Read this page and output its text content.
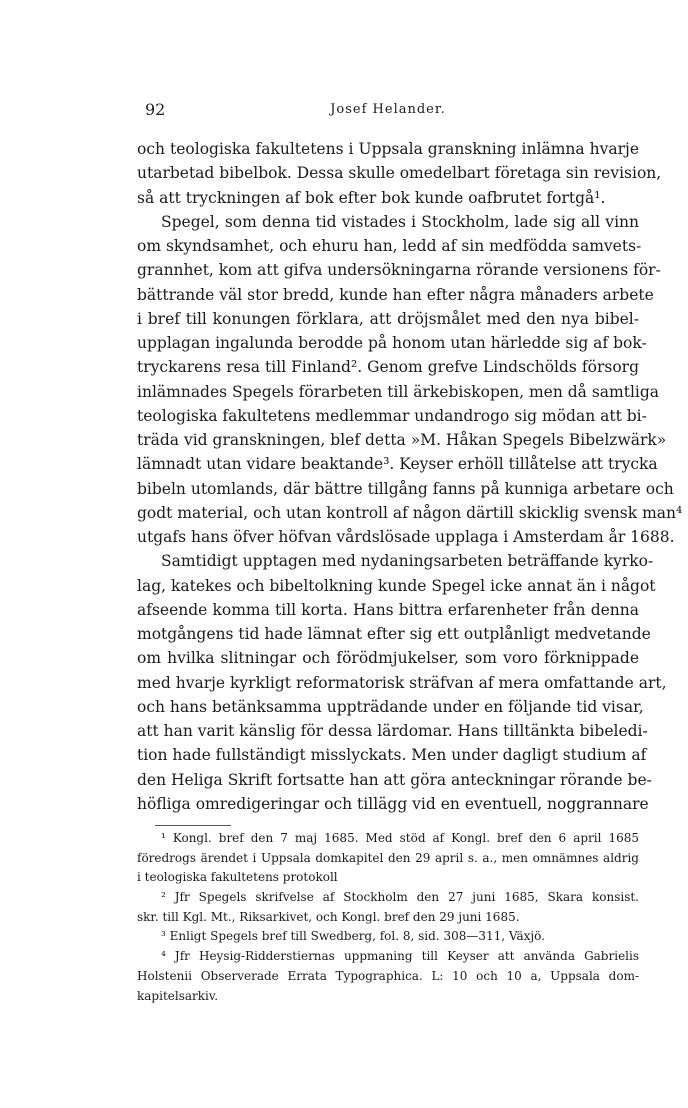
92	Josef Helander.
och teologiska fakultetens i Uppsala granskning inlämna hvarje
utarbetad bibelbok. Dessa skulle omedelbart företaga sin revision,
så att tryckningen af bok efter bok kunde oafbrutet fortgå¹.
Spegel, som denna tid vistades i Stockholm, lade sig all vinn
om skyndsamhet, och ehuru han, ledd af sin medfödda samvets-
grannhet, kom att gifva undersökningarna rörande versionens för-
bättrande väl stor bredd, kunde han efter några månaders arbete
i bref till konungen förklara, att dröjsmålet med den nya bibel-
upplagan ingalunda berodde på honom utan härledde sig af bok-
tryckarens resa till Finland². Genom grefve Lindschölds försorg
inlämnades Spegels förarbeten till ärkebiskopen, men då samtliga
teologiska fakultetens medlemmar undandrogo sig mödan att bi-
träda vid granskningen, blef detta »M. Håkan Spegels Bibelzwärk»
lämnadt utan vidare beaktande³. Keyser erhöll tillåtelse att trycka
bibeln utomlands, där bättre tillgång fanns på kunniga arbetare och
godt material, och utan kontroll af någon därtill skicklig svensk man⁴
utgafs hans öfver höfvan vårdslösade upplaga i Amsterdam år 1688.
Samtidigt upptagen med nydaningsarbeten beträffande kyrko-
lag, katekes och bibeltolkning kunde Spegel icke annat än i något
afseende komma till korta. Hans bittra erfarenheter från denna
motgångens tid hade lämnat efter sig ett outplånligt medvetande
om hvilka slitningar och förödmjukelser, som voro förknippade
med hvarje kyrkligt reformatorisk sträfvan af mera omfattande art,
och hans betänksamma uppträdande under en följande tid visar,
att han varit känslig för dessa lärdomar. Hans tilltänkta bibeledi-
tion hade fullständigt misslyckats. Men under dagligt studium af
den Heliga Skrift fortsatte han att göra anteckningar rörande be-
höfliga omredigeringar och tillägg vid en eventuell, noggrannare
¹ Kongl. bref den 7 maj 1685. Med stöd af Kongl. bref den 6 april 1685
föredrogs ärendet i Uppsala domkapitel den 29 april s. a., men omnämnes aldrig
i teologiska fakultetens protokoll
² Jfr Spegels skrifvelse af Stockholm den 27 juni 1685, Skara konsist.
skr. till Kgl. Mt., Riksarkivet, och Kongl. bref den 29 juni 1685.
³ Enligt Spegels bref till Swedberg, fol. 8, sid. 308—311, Växjö.
⁴ Jfr Heysig-Ridderstiernas uppmaning till Keyser att använda Gabrielis
Holstenii Observerade Errata Typographica. L: 10 och 10 a, Uppsala dom-
kapitelsarkiv.
